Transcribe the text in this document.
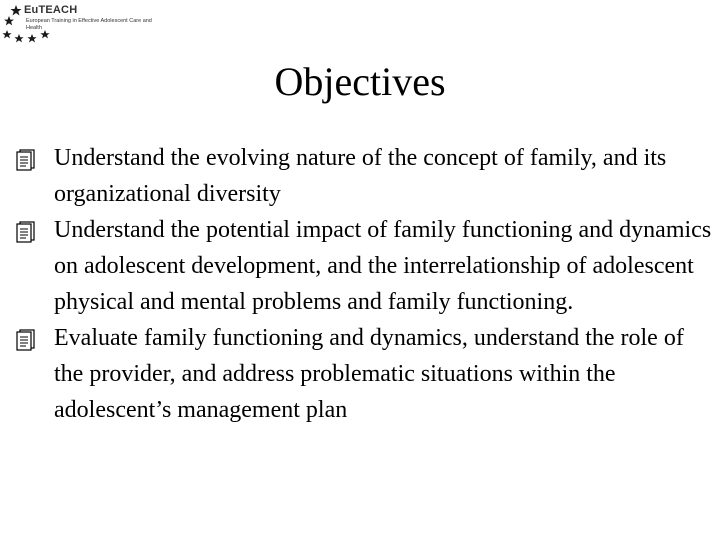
EuTEACH
European Training in Effective Adolescent Care and Health
Objectives
Understand the evolving nature of the concept of family, and its organizational diversity
Understand the potential impact of family functioning and dynamics on adolescent development, and the interrelationship of adolescent physical and mental problems and family functioning.
Evaluate family functioning and dynamics, understand the role of the provider, and address problematic situations within the adolescent’s management plan
